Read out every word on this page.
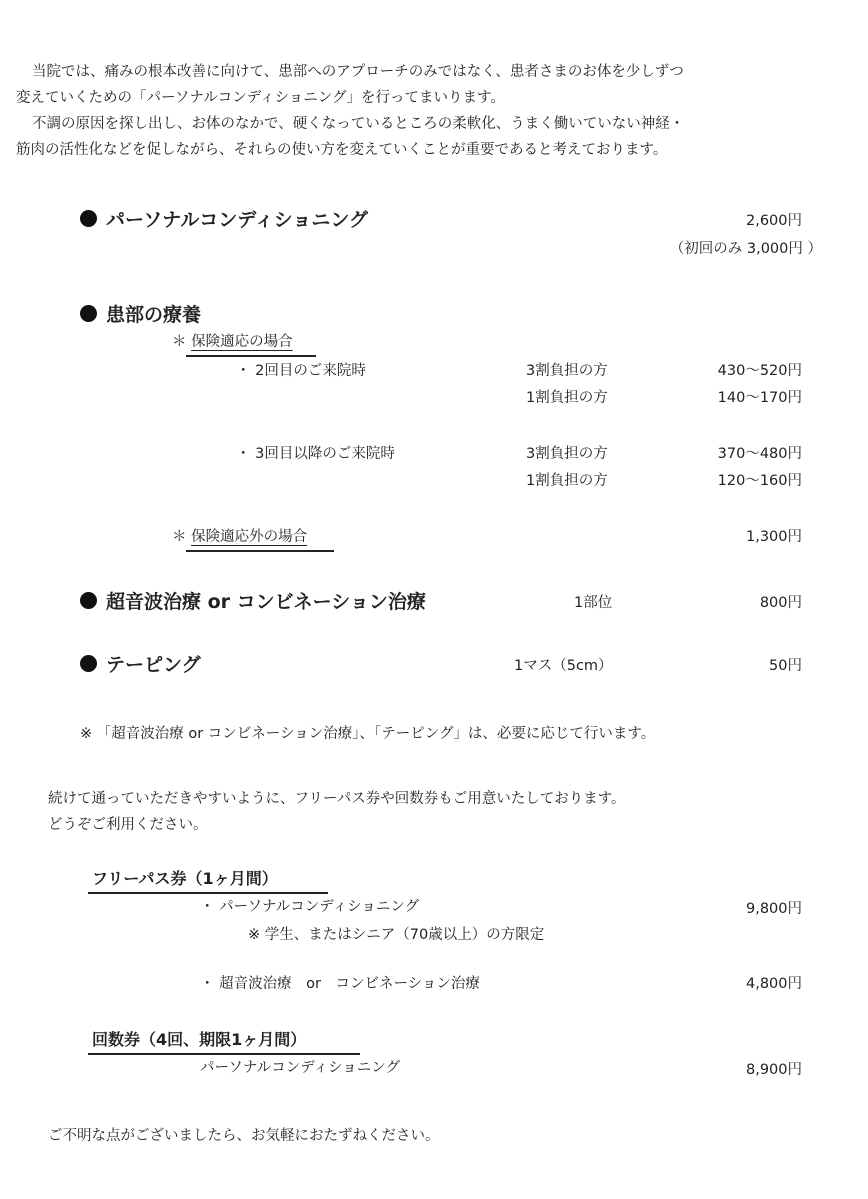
当院では、痛みの根本改善に向けて、患部へのアプローチのみではなく、患者さまのお体を少しずつ
変えていくための「パーソナルコンディショニング」を行ってまいります。
不調の原因を探し出し、お体のなかで、硬くなっているところの柔軟化、うまく働いていない神経・
筋肉の活性化などを促しながら、それらの使い方を変えていくことが重要であると考えております。
パーソナルコンディショニング	2,600円
（初回のみ 3,000円 ）
患部の療養
＊ 保険適応の場合
・ 2回目のご来院時	3割負担の方	430～520円
1割負担の方	140～170円
・ 3回目以降のご来院時	3割負担の方	370～480円
1割負担の方	120～160円
＊ 保険適応外の場合	1,300円
超音波治療 or コンビネーション治療	1部位	800円
テーピング	1マス（5cm）	50円
※ 「超音波治療 or コンビネーション治療」、「テーピング」は、必要に応じて行います。
続けて通っていただきやすいように、フリーパス券や回数券もご用意いたしております。
どうぞご利用ください。
フリーパス券（1ヶ月間）
・ パーソナルコンディショニング	9,800円
※ 学生、またはシニア（70歳以上）の方限定
・ 超音波治療　or　コンビネーション治療	4,800円
回数券（4回、期限1ヶ月間）
パーソナルコンディショニング	8,900円
ご不明な点がございましたら、お気軽におたずねください。
